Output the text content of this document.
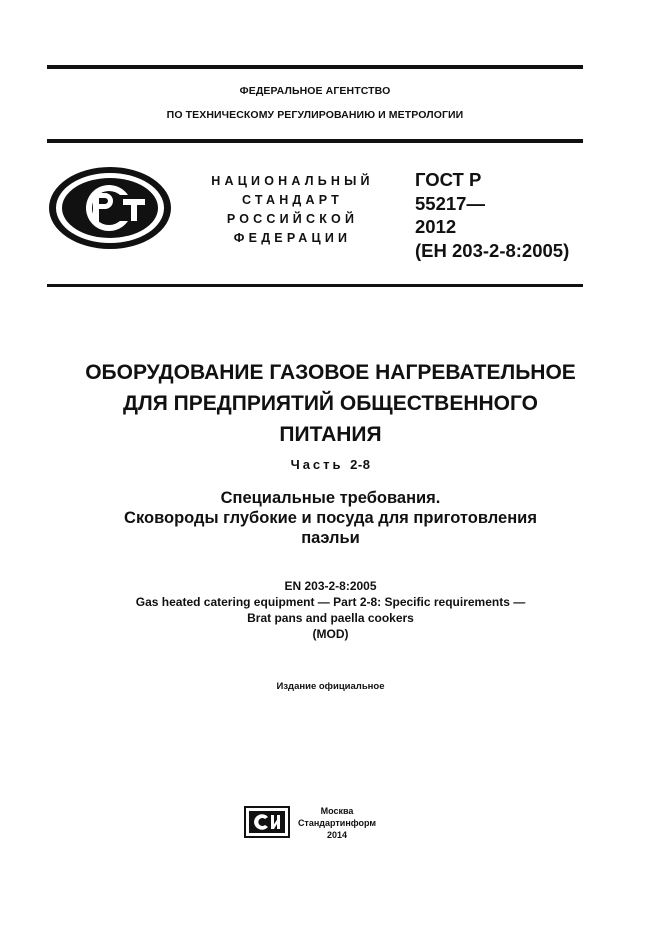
ФЕДЕРАЛЬНОЕ АГЕНТСТВО
ПО ТЕХНИЧЕСКОМУ РЕГУЛИРОВАНИЮ И МЕТРОЛОГИИ
НАЦИОНАЛЬНЫЙ
СТАНДАРТ
РОССИЙСКОЙ
ФЕДЕРАЦИИ
ГОСТ Р
55217—
2012
(ЕН 203-2-8:2005)
ОБОРУДОВАНИЕ ГАЗОВОЕ НАГРЕВАТЕЛЬНОЕ
ДЛЯ ПРЕДПРИЯТИЙ ОБЩЕСТВЕННОГО
ПИТАНИЯ
Часть 2-8
Специальные требования.
Сковороды глубокие и посуда для приготовления
паэльи
EN 203-2-8:2005
Gas heated catering equipment — Part 2-8: Specific requirements —
Brat pans and paella cookers
(MOD)
Издание официальное
Москва
Стандартинформ
2014
